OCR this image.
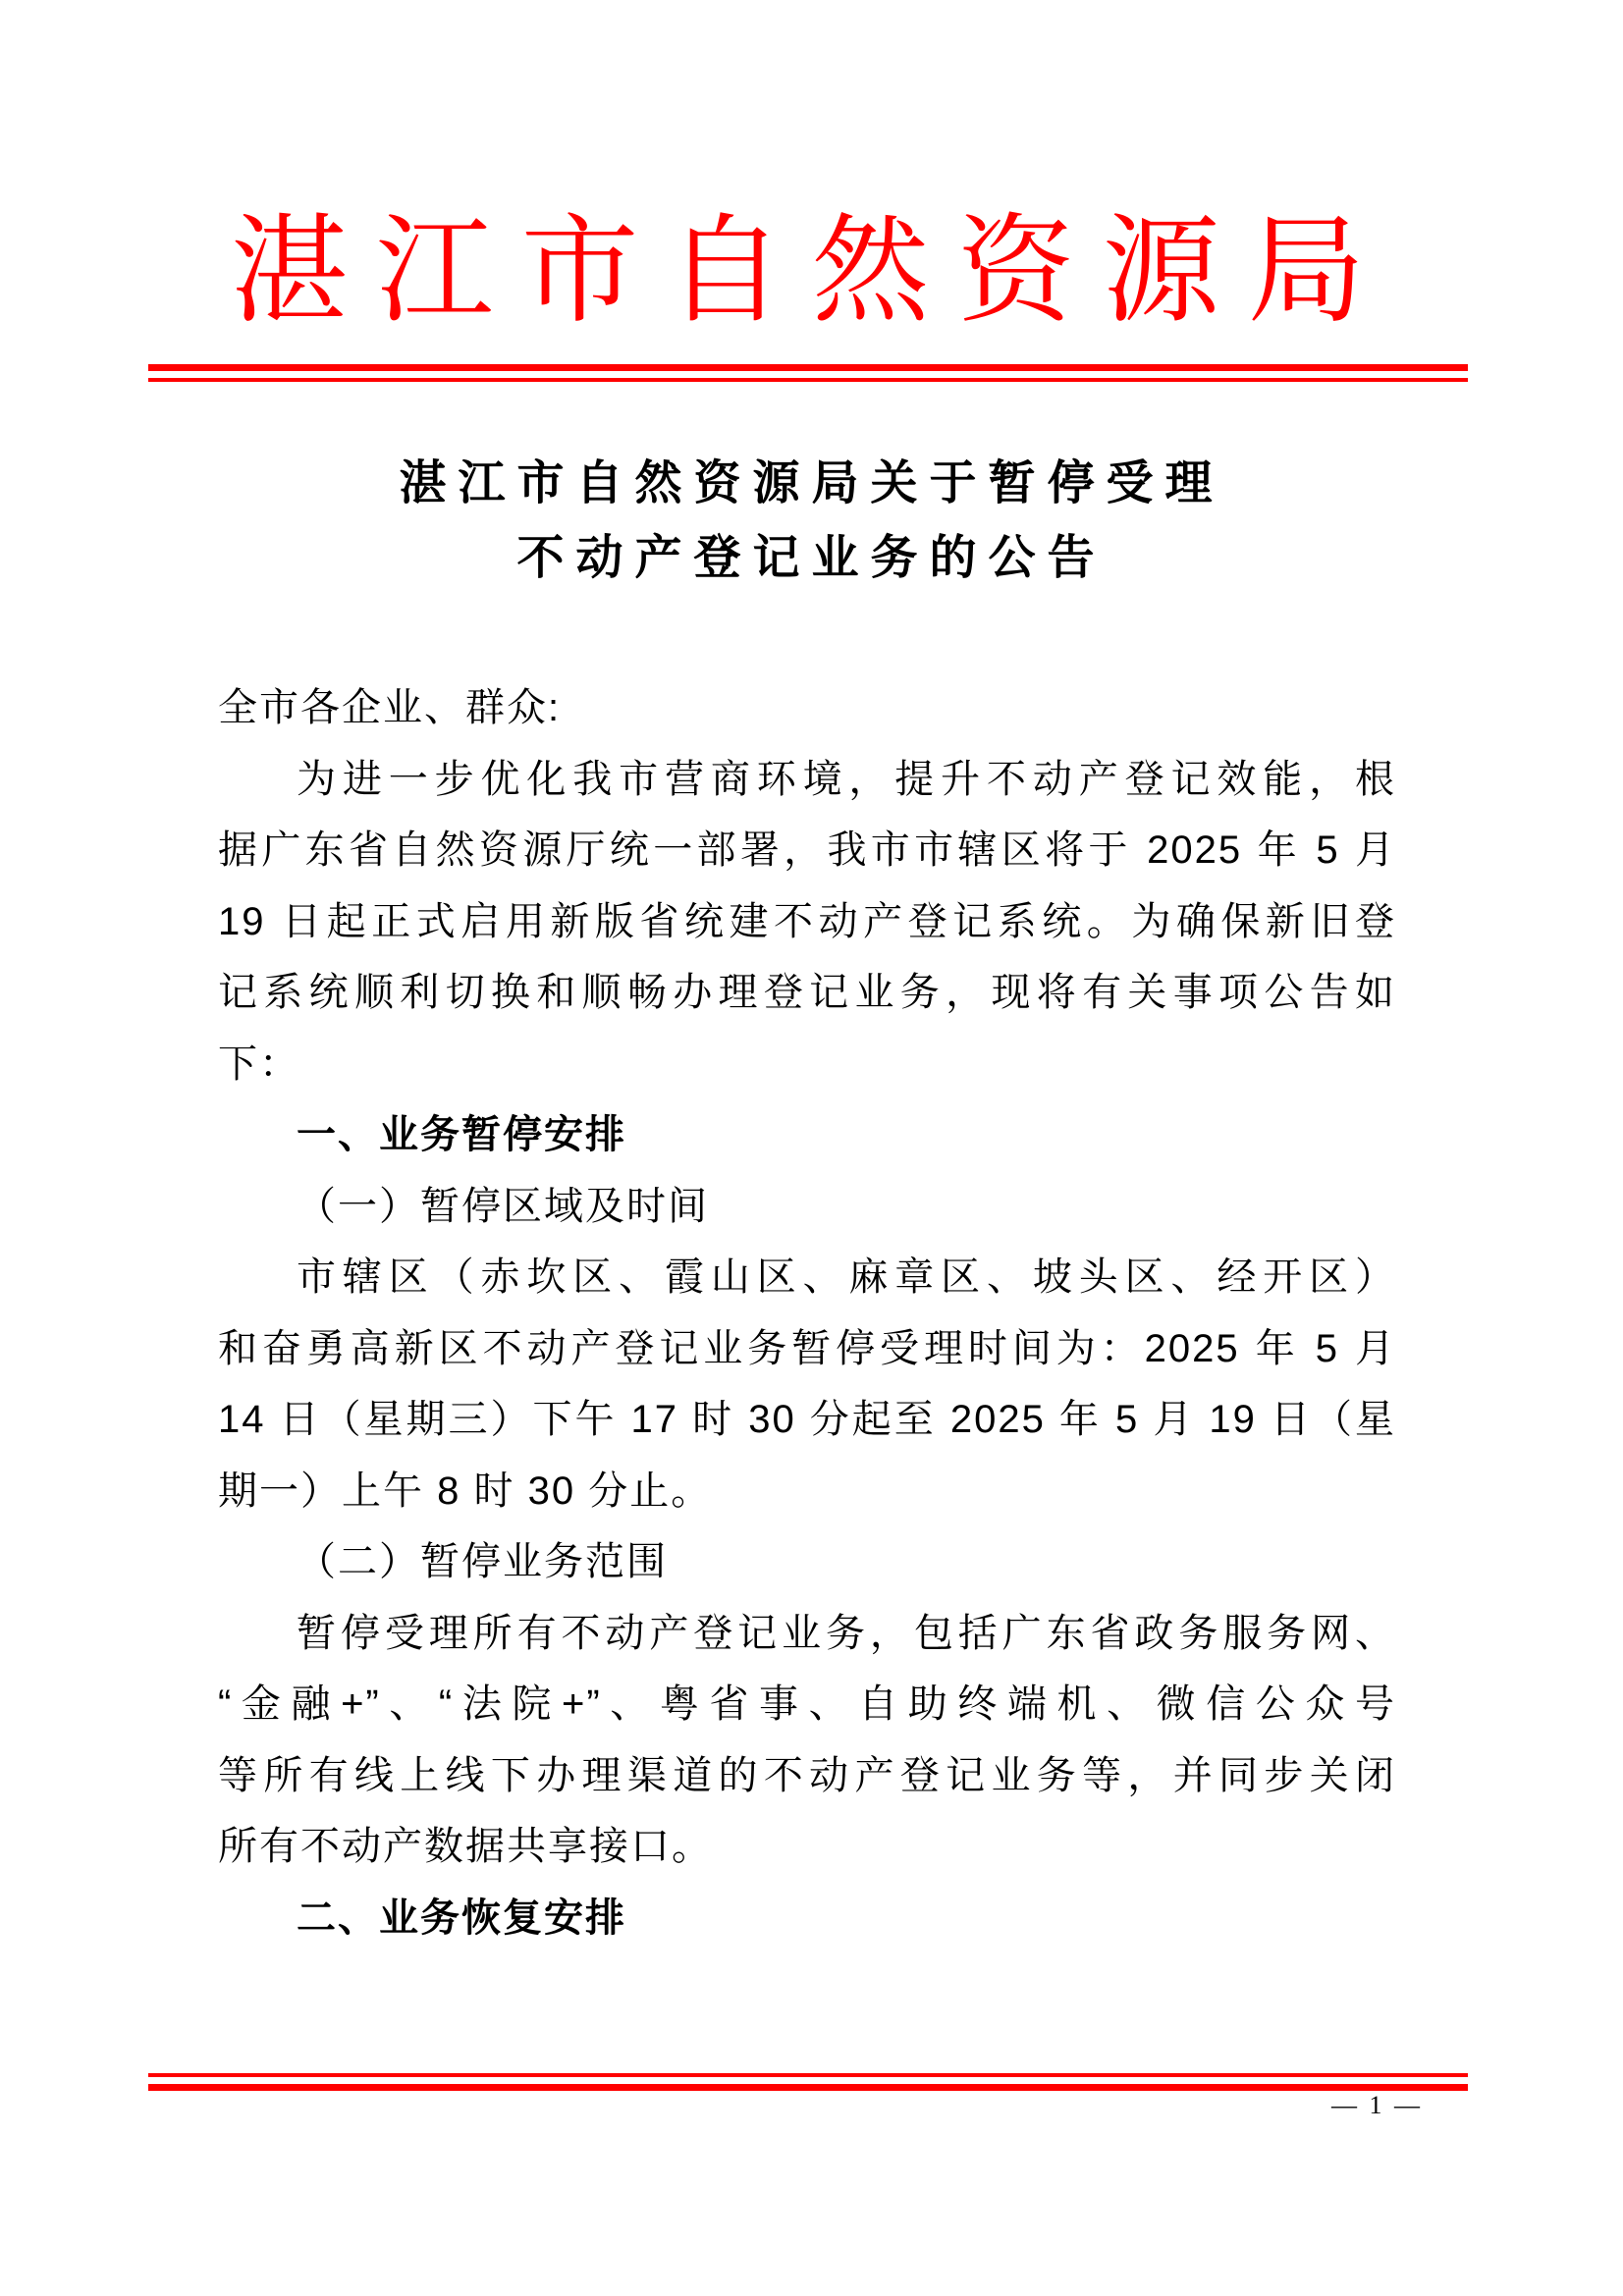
湛江市自然资源局
湛江市自然资源局关于暂停受理
不动产登记业务的公告
全市各企业、群众:
为进一步优化我市营商环境，提升不动产登记效能，根
据广东省自然资源厅统一部署，我市市辖区将于 2025 年 5 月
19 日起正式启用新版省统建不动产登记系统。为确保新旧登
记系统顺利切换和顺畅办理登记业务，现将有关事项公告如
下：
一、业务暂停安排
（一）暂停区域及时间
市辖区（赤坎区、霞山区、麻章区、坡头区、经开区）
和奋勇高新区不动产登记业务暂停受理时间为：2025 年 5 月
14 日（星期三）下午 17 时 30 分起至 2025 年 5 月 19 日（星
期一）上午 8 时 30 分止。
（二）暂停业务范围
暂停受理所有不动产登记业务，包括广东省政务服务网、
“金融+”、“法院+”、粤省事、自助终端机、微信公众号
等所有线上线下办理渠道的不动产登记业务等，并同步关闭
所有不动产数据共享接口。
二、业务恢复安排
— 1 —
